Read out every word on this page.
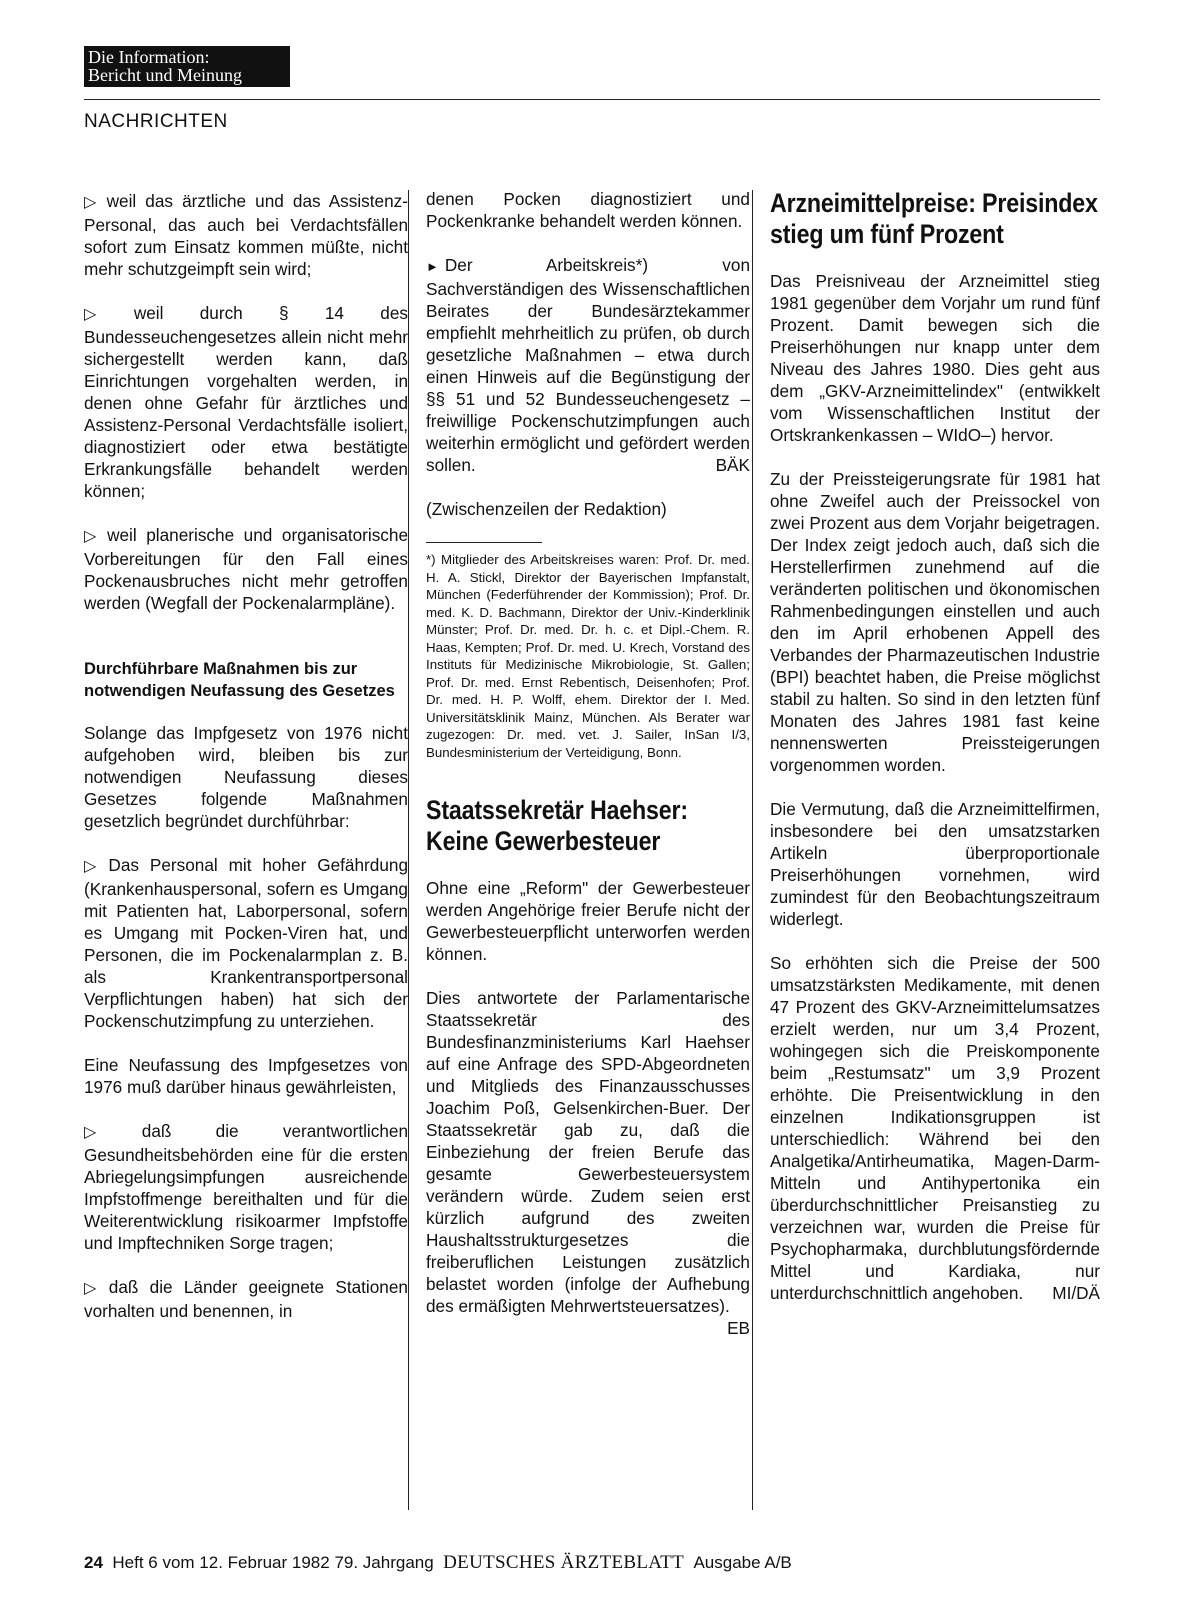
Die Information:
Bericht und Meinung
NACHRICHTEN

▷ weil das ärztliche und das Assistenz-Personal, das auch bei Verdachtsfällen sofort zum Einsatz kommen müßte, nicht mehr schutzgeimpft sein wird;

▷ weil durch § 14 des Bundesseuchengesetzes allein nicht mehr sichergestellt werden kann, daß Einrichtungen vorgehalten werden, in denen ohne Gefahr für ärztliches und Assistenz-Personal Verdachtsfälle isoliert, diagnostiziert oder etwa bestätigte Erkrankungsfälle behandelt werden können;

▷ weil planerische und organisatorische Vorbereitungen für den Fall eines Pockenausbruches nicht mehr getroffen werden (Wegfall der Pockenalarmpläne).

Durchführbare Maßnahmen bis zur notwendigen Neufassung des Gesetzes

Solange das Impfgesetz von 1976 nicht aufgehoben wird, bleiben bis zur notwendigen Neufassung dieses Gesetzes folgende Maßnahmen gesetzlich begründet durchführbar:

▷ Das Personal mit hoher Gefährdung (Krankenhauspersonal, sofern es Umgang mit Patienten hat, Laborpersonal, sofern es Umgang mit Pocken-Viren hat, und Personen, die im Pockenalarmplan z. B. als Krankentransportpersonal Verpflichtungen haben) hat sich der Pockenschutzimpfung zu unterziehen.

Eine Neufassung des Impfgesetzes von 1976 muß darüber hinaus gewährleisten,

▷ daß die verantwortlichen Gesundheitsbehörden eine für die ersten Abriegelungsimpfungen ausreichende Impfstoffmenge bereithalten und für die Weiterentwicklung risikoarmer Impfstoffe und Impftechniken Sorge tragen;

▷ daß die Länder geeignete Stationen vorhalten und benennen, in

denen Pocken diagnostiziert und Pockenkranke behandelt werden können.

► Der Arbeitskreis*) von Sachverständigen des Wissenschaftlichen Beirates der Bundesärztekammer empfiehlt mehrheitlich zu prüfen, ob durch gesetzliche Maßnahmen – etwa durch einen Hinweis auf die Begünstigung der §§ 51 und 52 Bundesseuchengesetz – freiwillige Pockenschutzimpfungen auch weiterhin ermöglicht und gefördert werden sollen.	BÄK

(Zwischenzeilen der Redaktion)

*) Mitglieder des Arbeitskreises waren: Prof. Dr. med. H. A. Stickl, Direktor der Bayerischen Impfanstalt, München (Federführender der Kommission); Prof. Dr. med. K. D. Bachmann, Direktor der Univ.-Kinderklinik Münster; Prof. Dr. med. Dr. h. c. et Dipl.-Chem. R. Haas, Kempten; Prof. Dr. med. U. Krech, Vorstand des Instituts für Medizinische Mikrobiologie, St. Gallen; Prof. Dr. med. Ernst Rebentisch, Deisenhofen; Prof. Dr. med. H. P. Wolff, ehem. Direktor der I. Med. Universitätsklinik Mainz, München. Als Berater war zugezogen: Dr. med. vet. J. Sailer, InSan I/3, Bundesministerium der Verteidigung, Bonn.
Staatssekretär Haehser: Keine Gewerbesteuer

Ohne eine „Reform" der Gewerbesteuer werden Angehörige freier Berufe nicht der Gewerbesteuerpflicht unterworfen werden können.

Dies antwortete der Parlamentarische Staatssekretär des Bundesfinanzministeriums Karl Haehser auf eine Anfrage des SPD-Abgeordneten und Mitglieds des Finanzausschusses Joachim Poß, Gelsenkirchen-Buer. Der Staatssekretär gab zu, daß die Einbeziehung der freien Berufe das gesamte Gewerbesteuersystem verändern würde. Zudem seien erst kürzlich aufgrund des zweiten Haushaltsstrukturgesetzes die freiberuflichen Leistungen zusätzlich belastet worden (infolge der Aufhebung des ermäßigten Mehrwertsteuersatzes).
EB

Arzneimittelpreise: Preisindex stieg um fünf Prozent

Das Preisniveau der Arzneimittel stieg 1981 gegenüber dem Vorjahr um rund fünf Prozent. Damit bewegen sich die Preiserhöhungen nur knapp unter dem Niveau des Jahres 1980. Dies geht aus dem „GKV-Arzneimittelindex" (entwikkelt vom Wissenschaftlichen Institut der Ortskrankenkassen – WIdO–) hervor.

Zu der Preissteigerungsrate für 1981 hat ohne Zweifel auch der Preissockel von zwei Prozent aus dem Vorjahr beigetragen. Der Index zeigt jedoch auch, daß sich die Herstellerfirmen zunehmend auf die veränderten politischen und ökonomischen Rahmenbedingungen einstellen und auch den im April erhobenen Appell des Verbandes der Pharmazeutischen Industrie (BPI) beachtet haben, die Preise möglichst stabil zu halten. So sind in den letzten fünf Monaten des Jahres 1981 fast keine nennenswerten Preissteigerungen vorgenommen worden.

Die Vermutung, daß die Arzneimittelfirmen, insbesondere bei den umsatzstarken Artikeln überproportionale Preiserhöhungen vornehmen, wird zumindest für den Beobachtungszeitraum widerlegt.

So erhöhten sich die Preise der 500 umsatzstärksten Medikamente, mit denen 47 Prozent des GKV-Arzneimittelumsatzes erzielt werden, nur um 3,4 Prozent, wohingegen sich die Preiskomponente beim „Restumsatz" um 3,9 Prozent erhöhte. Die Preisentwicklung in den einzelnen Indikationsgruppen ist unterschiedlich: Während bei den Analgetika/Antirheumatika, Magen-Darm-Mitteln und Antihypertonika ein überdurchschnittlicher Preisanstieg zu verzeichnen war, wurden die Preise für Psychopharmaka, durchblutungsfördernde Mittel und Kardiaka, nur unterdurchschnittlich angehoben. MI/DÄ

24 Heft 6 vom 12. Februar 1982 79. Jahrgang DEUTSCHES ÄRZTEBLATT Ausgabe A/B
